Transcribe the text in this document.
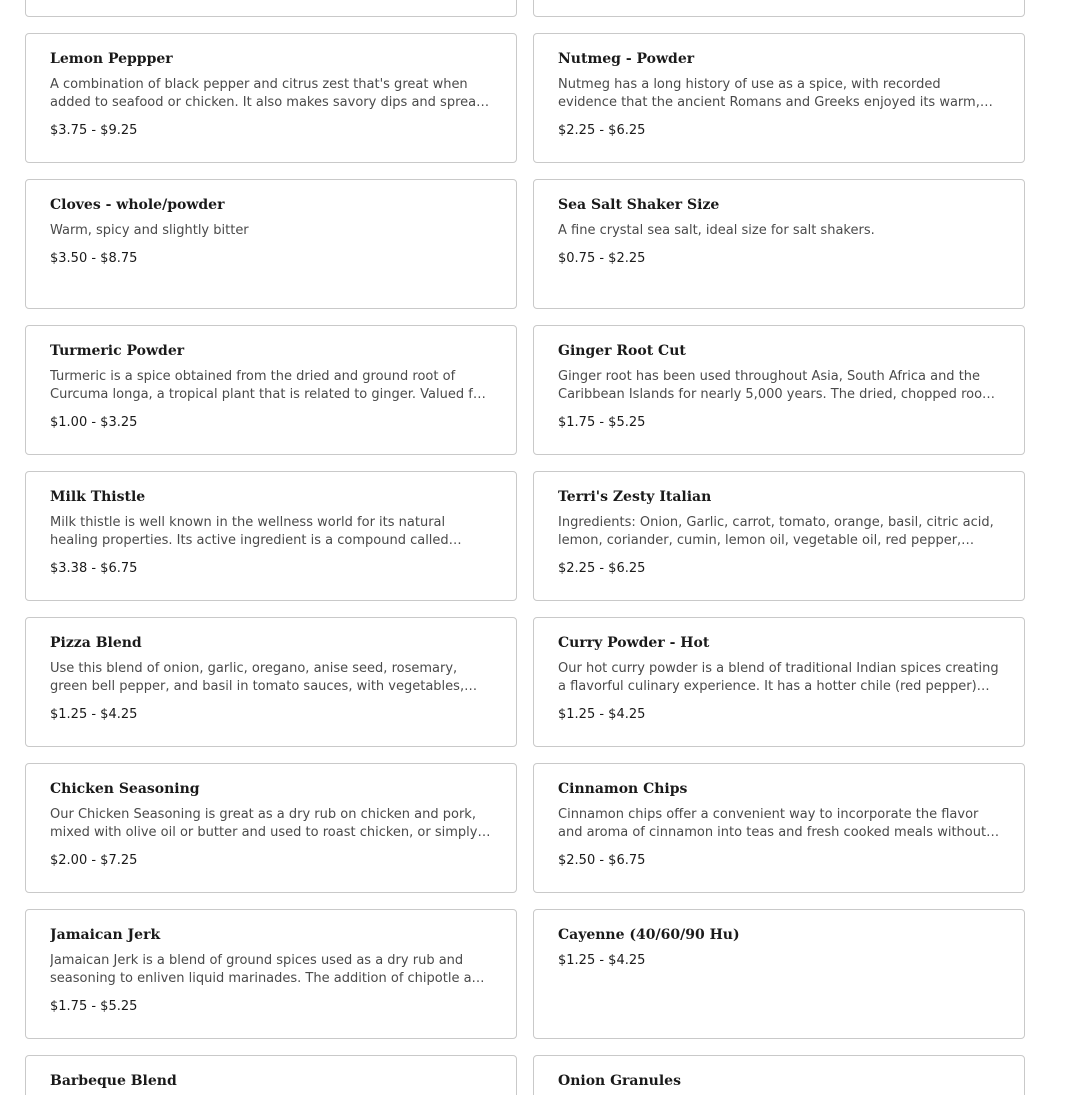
Lemon Peppper
A combination of black pepper and citrus zest that's great when added to seafood or chicken. It also makes savory dips and spreads
$3.75 - $9.25
Nutmeg - Powder
Nutmeg has a long history of use as a spice, with recorded evidence that the ancient Romans and Greeks enjoyed its warm,
$2.25 - $6.25
Cloves - whole/powder
Warm, spicy and slightly bitter
$3.50 - $8.75
Sea Salt Shaker Size
A fine crystal sea salt, ideal size for salt shakers.
$0.75 - $2.25
Turmeric Powder
Turmeric is a spice obtained from the dried and ground root of Curcuma longa, a tropical plant that is related to ginger. Valued for
$1.00 - $3.25
Ginger Root Cut
Ginger root has been used throughout Asia, South Africa and the Caribbean Islands for nearly 5,000 years. The dried, chopped root
$1.75 - $5.25
Milk Thistle
Milk thistle is well known in the wellness world for its natural healing properties. Its active ingredient is a compound called
$3.38 - $6.75
Terri's Zesty Italian
Ingredients: Onion, Garlic, carrot, tomato, orange, basil, citric acid, lemon, coriander, cumin, lemon oil, vegetable oil, red pepper,
$2.25 - $6.25
Pizza Blend
Use this blend of onion, garlic, oregano, anise seed, rosemary, green bell pepper, and basil in tomato sauces, with vegetables,
$1.25 - $4.25
Curry Powder - Hot
Our hot curry powder is a blend of traditional Indian spices creating a flavorful culinary experience. It has a hotter chile (red pepper)
$1.25 - $4.25
Chicken Seasoning
Our Chicken Seasoning is great as a dry rub on chicken and pork, mixed with olive oil or butter and used to roast chicken, or simply
$2.00 - $7.25
Cinnamon Chips
Cinnamon chips offer a convenient way to incorporate the flavor and aroma of cinnamon into teas and fresh cooked meals without
$2.50 - $6.75
Jamaican Jerk
Jamaican Jerk is a blend of ground spices used as a dry rub and seasoning to enliven liquid marinades. The addition of chipotle and
$1.75 - $5.25
Cayenne (40/60/90 Hu)
$1.25 - $4.25
Barbeque Blend	Onion Granules
